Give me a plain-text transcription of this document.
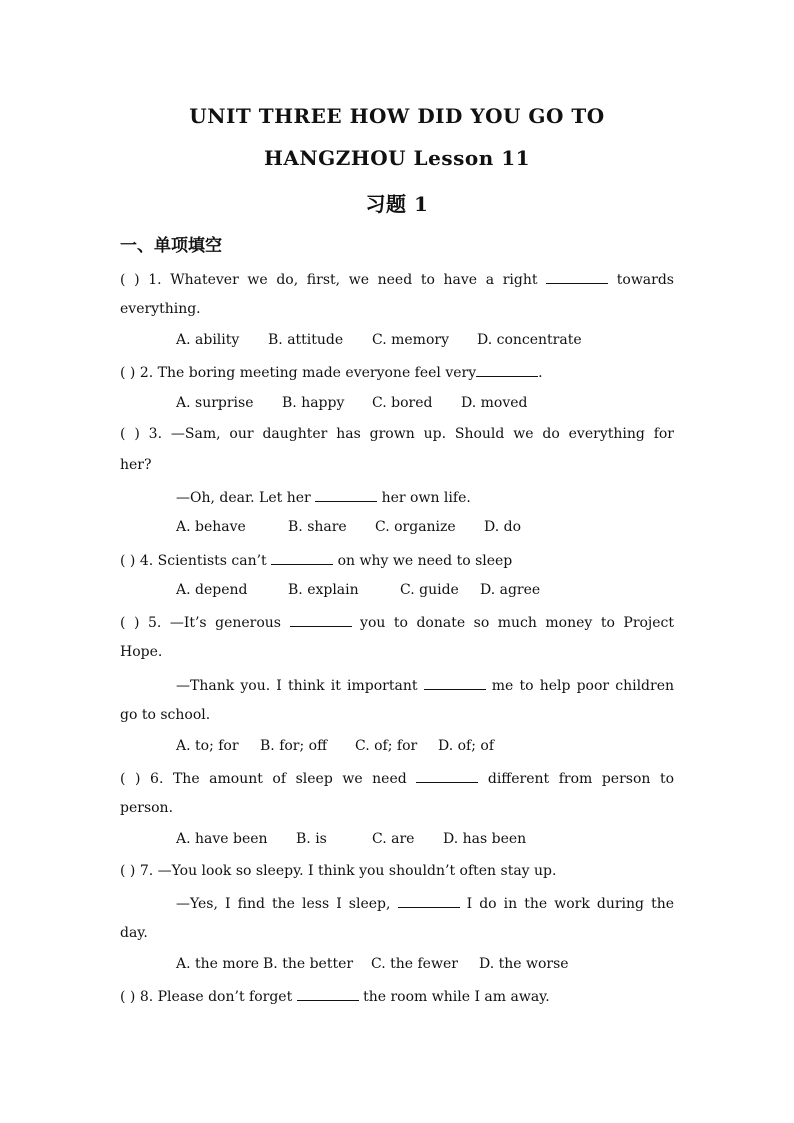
UNIT THREE HOW DID YOU GO TO
HANGZHOU Lesson 11
习题 1
一、单项填空
( ) 1. Whatever we do, first, we need to have a right	towards
everything.
A. ability B. attitude C. memory D. concentrate
( ) 2. The boring meeting made everyone feel very	.
A. surprise B. happy C. bored D. moved
( ) 3. —Sam, our daughter has grown up. Should we do everything for
her?
—Oh, dear. Let her	her own life.
A. behave	B. share C. organize D. do
( ) 4. Scientists can’t	on why we need to sleep
A. depend	B. explain	C. guide D. agree
( ) 5. —It’s generous	you to donate so much money to Project
Hope.
—Thank you. I think it important	me to help poor children
go to school.
A. to; for B. for; off C. of; for D. of; of
( ) 6. The amount of sleep we need	different from person to
person.
A. have been B. is	C. are D. has been
( ) 7. —You look so sleepy. I think you shouldn’t often stay up.
—Yes, I find the less I sleep,	I do in the work during the
day.
A. the more B. the better C. the fewer D. the worse
( ) 8. Please don’t forget	the room while I am away.
